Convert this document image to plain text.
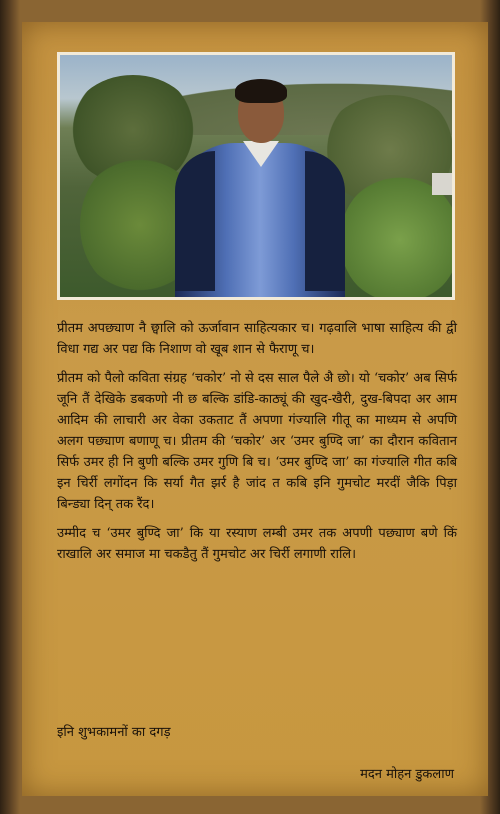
प्रीतम अपछ्याण नै छ्वालि को ऊर्जावान साहित्यकार च। गढ़वालि भाषा साहित्य की द्वी विधा गद्य अर पद्य कि निशाण वो खूब शान से फैराणू च।

प्रीतम को पैलो कविता संग्रह ‘चकोर’ नो से दस साल पैले अै छो। यो ‘चकोर’ अब सिर्फ जूनि तैं देखिके डबकणो नी छ बल्कि डांडि-काठ्यूं की खुद-खैरी, दुख-बिपदा अर आम आदिम की लाचारी अर वेका उकताट तैं अपणा गंज्यालि गीतू का माध्यम से अपणि अलग पछ्याण बणाणू च। प्रीतम की ‘चकोर’ अर ‘उमर बुण्दि जा’ का दौरान कवितान सिर्फ उमर ही नि बुणी बल्कि उमर गुणि बि च। ‘उमर बुण्दि जा’ का गंज्यालि गीत कबि इन चिर्री लगोंदन कि सर्या गैत झर्र है जांद त कबि इनि गुमचोट मरदीं जैकि पिड़ा बिन्ड्या दिन् तक रैंद।

उम्मीद च ‘उमर बुण्दि जा’ कि या रस्याण लम्बी उमर तक अपणी पछ्याण बणे किं राखालि अर समाज मा चकडैतु तैं गुमचोट अर चिर्री लगाणी रालि।

इनि शुभकामनों का दगड़
मदन मोहन डुकलाण
